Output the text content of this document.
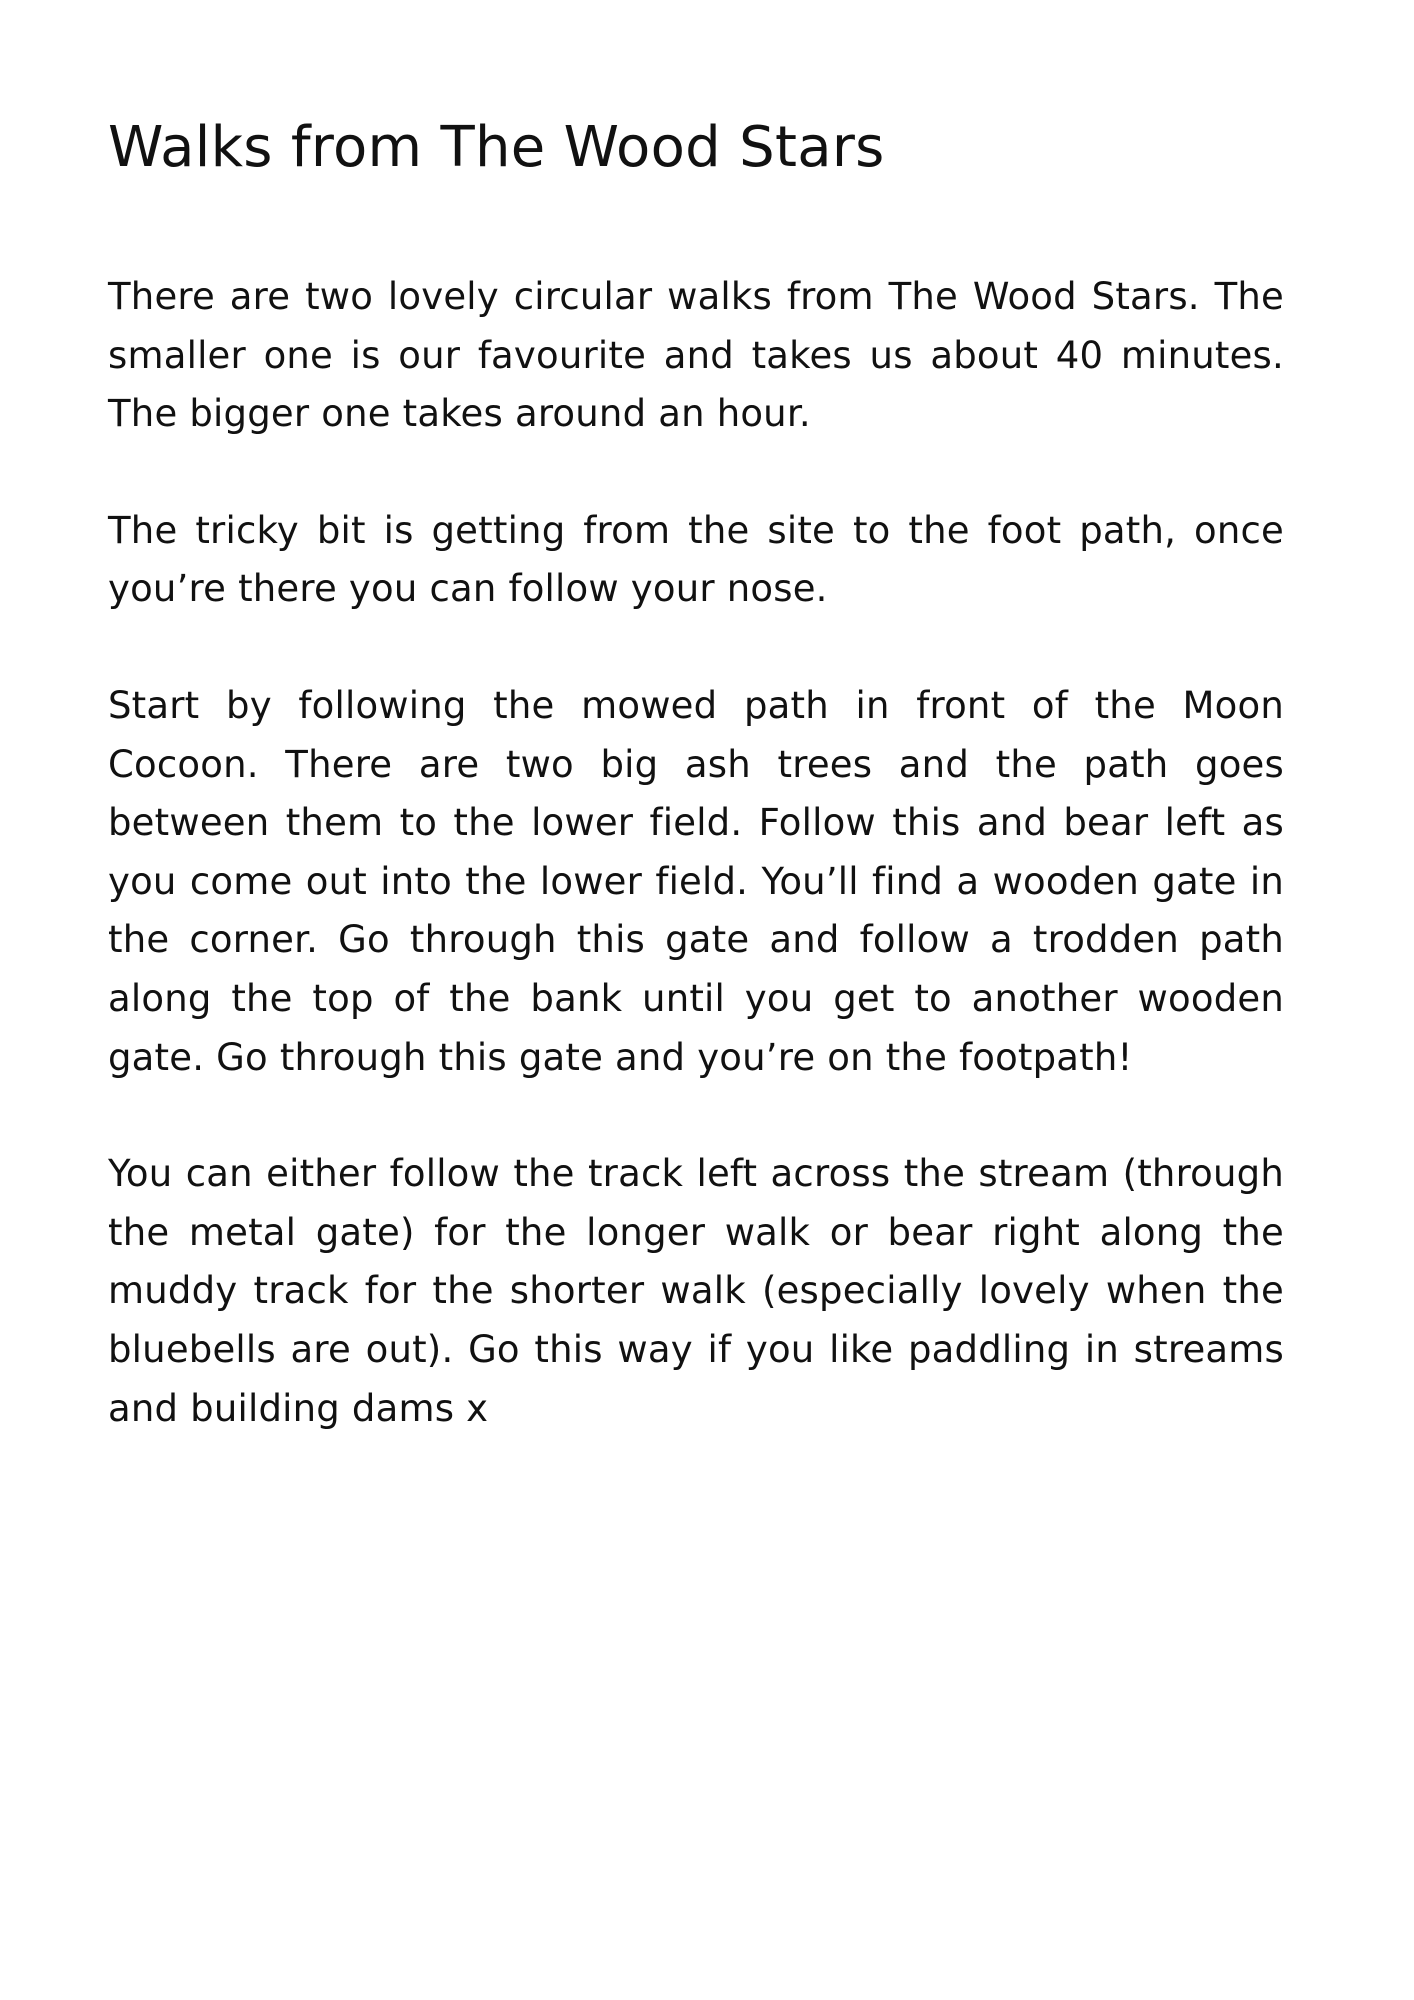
Walks from The Wood Stars

There are two lovely circular walks from The Wood Stars. The smaller one is our favourite and takes us about 40 minutes. The bigger one takes around an hour.

The tricky bit is getting from the site to the foot path, once you’re there you can follow your nose.

Start by following the mowed path in front of the Moon Cocoon. There are two big ash trees and the path goes between them to the lower field. Follow this and bear left as you come out into the lower field. You’ll find a wooden gate in the corner. Go through this gate and follow a trodden path along the top of the bank until you get to another wooden gate. Go through this gate and you’re on the footpath!

You can either follow the track left across the stream (through the metal gate) for the longer walk or bear right along the muddy track for the shorter walk (especially lovely when the bluebells are out). Go this way if you like paddling in streams and building dams x
